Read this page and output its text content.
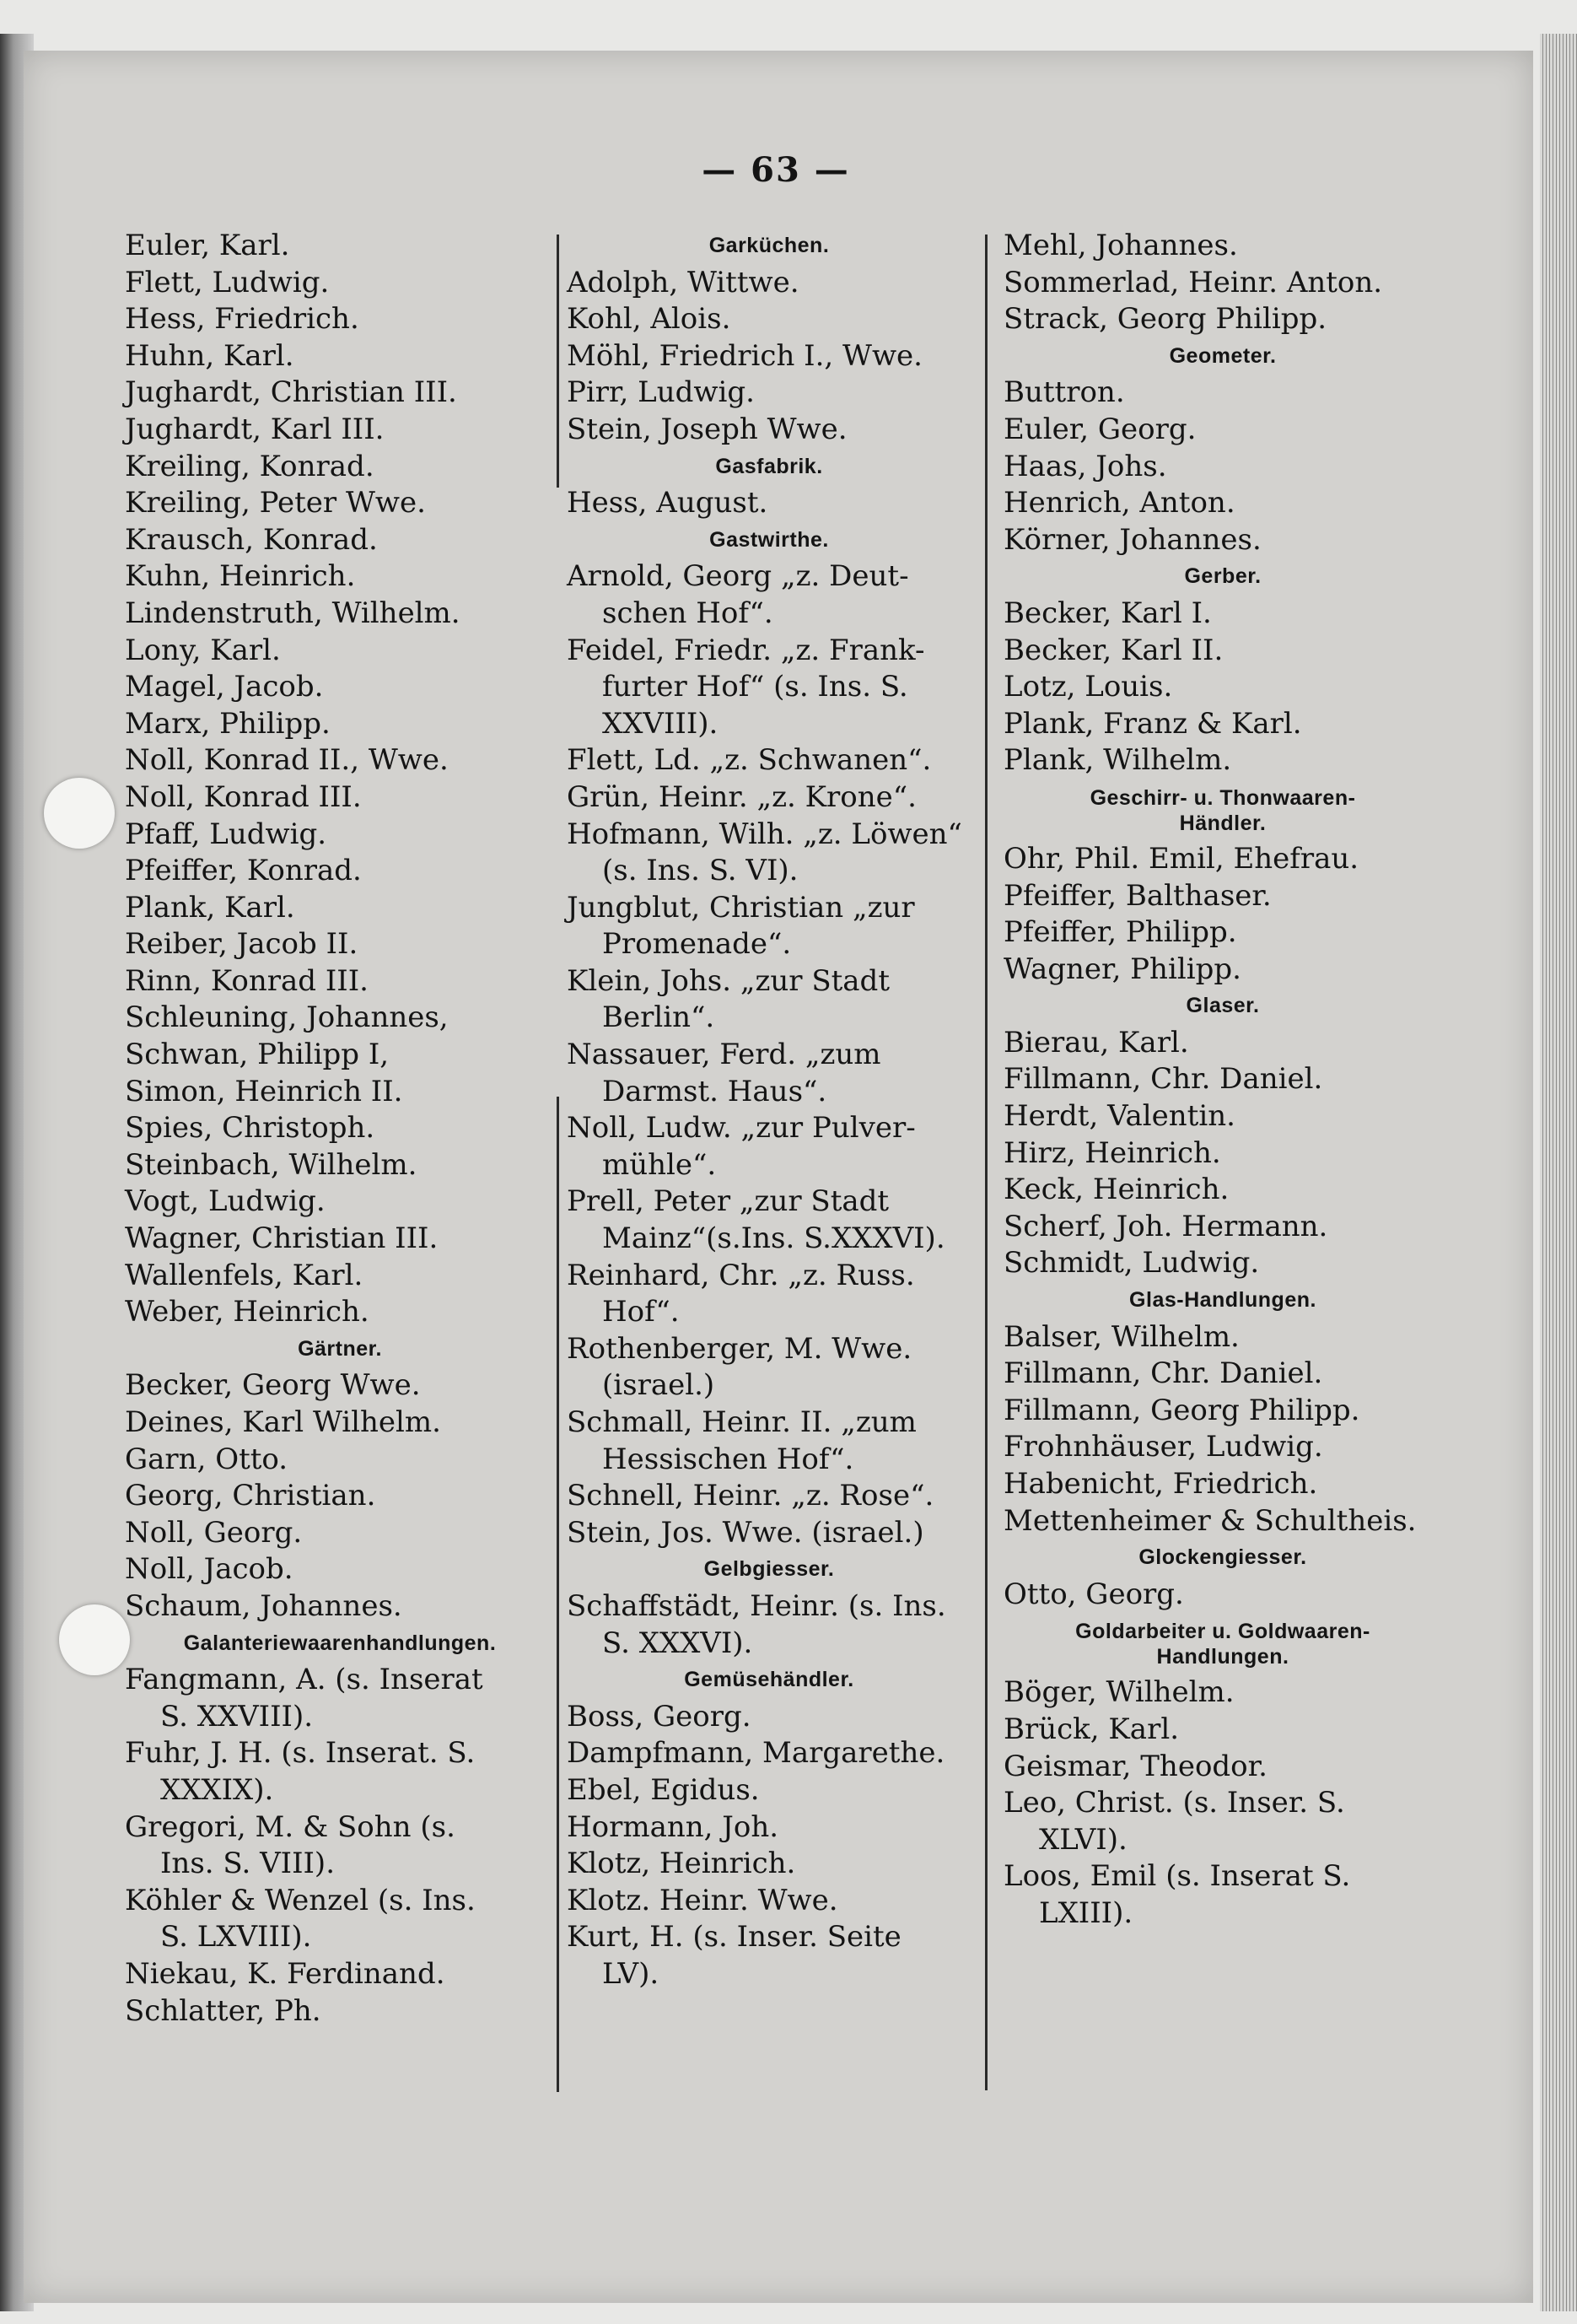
— 63 —
Euler, Karl.
Flett, Ludwig.
Hess, Friedrich.
Huhn, Karl.
Jughardt, Christian III.
Jughardt, Karl III.
Kreiling, Konrad.
Kreiling, Peter Wwe.
Krausch, Konrad.
Kuhn, Heinrich.
Lindenstruth, Wilhelm.
Lony, Karl.
Magel, Jacob.
Marx, Philipp.
Noll, Konrad II., Wwe.
Noll, Konrad III.
Pfaff, Ludwig.
Pfeiffer, Konrad.
Plank, Karl.
Reiber, Jacob II.
Rinn, Konrad III.
Schleuning, Johannes,
Schwan, Philipp I,
Simon, Heinrich II.
Spies, Christoph.
Steinbach, Wilhelm.
Vogt, Ludwig.
Wagner, Christian III.
Wallenfels, Karl.
Weber, Heinrich.
Gärtner.
Becker, Georg Wwe.
Deines, Karl Wilhelm.
Garn, Otto.
Georg, Christian.
Noll, Georg.
Noll, Jacob.
Schaum, Johannes.
Galanteriewaarenhandlungen.
Fangmann, A. (s. Inserat
S. XXVIII).
Fuhr, J. H. (s. Inserat. S.
XXXIX).
Gregori, M. & Sohn (s.
Ins. S. VIII).
Köhler & Wenzel (s. Ins.
S. LXVIII).
Niekau, K. Ferdinand.
Schlatter, Ph.
Garküchen.
Adolph, Wittwe.
Kohl, Alois.
Möhl, Friedrich I., Wwe.
Pirr, Ludwig.
Stein, Joseph Wwe.
Gasfabrik.
Hess, August.
Gastwirthe.
Arnold, Georg „z. Deut-
schen Hof“.
Feidel, Friedr. „z. Frank-
furter Hof“ (s. Ins. S.
XXVIII).
Flett, Ld. „z. Schwanen“.
Grün, Heinr. „z. Krone“.
Hofmann, Wilh. „z. Löwen“
(s. Ins. S. VI).
Jungblut, Christian „zur
Promenade“.
Klein, Johs. „zur Stadt
Berlin“.
Nassauer, Ferd. „zum
Darmst. Haus“.
Noll, Ludw. „zur Pulver-
mühle“.
Prell, Peter „zur Stadt
Mainz“(s.Ins. S.XXXVI).
Reinhard, Chr. „z. Russ.
Hof“.
Rothenberger, M. Wwe.
(israel.)
Schmall, Heinr. II. „zum
Hessischen Hof“.
Schnell, Heinr. „z. Rose“.
Stein, Jos. Wwe. (israel.)
Gelbgiesser.
Schaffstädt, Heinr. (s. Ins.
S. XXXVI).
Gemüsehändler.
Boss, Georg.
Dampfmann, Margarethe.
Ebel, Egidus.
Hormann, Joh.
Klotz, Heinrich.
Klotz. Heinr. Wwe.
Kurt, H. (s. Inser. Seite
LV).
Mehl, Johannes.
Sommerlad, Heinr. Anton.
Strack, Georg Philipp.
Geometer.
Buttron.
Euler, Georg.
Haas, Johs.
Henrich, Anton.
Körner, Johannes.
Gerber.
Becker, Karl I.
Becker, Karl II.
Lotz, Louis.
Plank, Franz & Karl.
Plank, Wilhelm.
Geschirr- u. Thonwaaren-
Händler.
Ohr, Phil. Emil, Ehefrau.
Pfeiffer, Balthaser.
Pfeiffer, Philipp.
Wagner, Philipp.
Glaser.
Bierau, Karl.
Fillmann, Chr. Daniel.
Herdt, Valentin.
Hirz, Heinrich.
Keck, Heinrich.
Scherf, Joh. Hermann.
Schmidt, Ludwig.
Glas-Handlungen.
Balser, Wilhelm.
Fillmann, Chr. Daniel.
Fillmann, Georg Philipp.
Frohnhäuser, Ludwig.
Habenicht, Friedrich.
Mettenheimer & Schultheis.
Glockengiesser.
Otto, Georg.
Goldarbeiter u. Goldwaaren-
Handlungen.
Böger, Wilhelm.
Brück, Karl.
Geismar, Theodor.
Leo, Christ. (s. Inser. S.
XLVI).
Loos, Emil (s. Inserat S.
LXIII).
